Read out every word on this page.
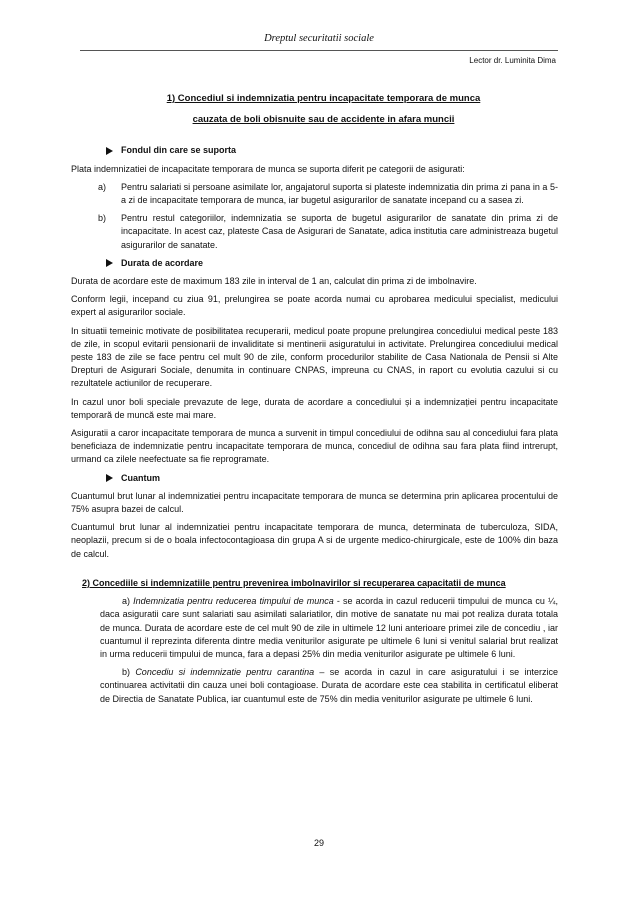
Dreptul securitatii sociale
Lector dr. Luminita Dima
1) Concediul si indemnizatia pentru incapacitate temporara de munca
cauzata de boli obisnuite sau de accidente in afara muncii
Fondul din care se suporta

Plata indemnizatiei de incapacitate temporara de munca se suporta diferit pe categorii de asigurati:

a)	Pentru salariati si persoane asimilate lor, angajatorul suporta si plateste indemnizatia din prima zi pana in a 5-a zi de incapacitate temporara de munca, iar bugetul asigurarilor de sanatate incepand cu a sasea zi.
b)	Pentru restul categoriilor, indemnizatia se suporta de bugetul asigurarilor de sanatate din prima zi de incapacitate. In acest caz, plateste Casa de Asigurari de Sanatate, adica institutia care administreaza bugetul asigurarilor de sanatate.
Durata de acordare

Durata de acordare este de maximum 183 zile in interval de 1 an, calculat din prima zi de imbolnavire.

Conform legii, incepand cu ziua 91, prelungirea se poate acorda numai cu aprobarea medicului specialist, medicului expert al asigurarilor sociale.

In situatii temeinic motivate de posibilitatea recuperarii, medicul poate propune prelungirea concediului medical peste 183 de zile, in scopul evitarii pensionarii de invaliditate si mentinerii asiguratului in activitate. Prelungirea concediului medical peste 183 de zile se face pentru cel mult 90 de zile, conform procedurilor stabilite de Casa Nationala de Pensii si Alte Drepturi de Asigurari Sociale, denumita in continuare CNPAS, impreuna cu CNAS, in raport cu evolutia cazului si cu rezultatele actiunilor de recuperare.

In cazul unor boli speciale prevazute de lege, durata de acordare a concediului și a indemnizației pentru incapacitate temporară de muncă este mai mare.

Asiguratii a caror incapacitate temporara de munca a survenit in timpul concediului de odihna sau al concediului fara plata beneficiaza de indemnizatie pentru incapacitate temporara de munca, concediul de odihna sau fara plata fiind intrerupt, urmand ca zilele neefectuate sa fie reprogramate.

Cuantum

Cuantumul brut lunar al indemnizatiei pentru incapacitate temporara de munca se determina prin aplicarea procentului de 75% asupra bazei de calcul.

Cuantumul brut lunar al indemnizatiei pentru incapacitate temporara de munca, determinata de tuberculoza, SIDA, neoplazii, precum si de o boala infectocontagioasa din grupa A si de urgente medico-chirurgicale, este de 100% din baza de calcul.

2) Concediile si indemnizatiile pentru prevenirea imbolnavirilor si recuperarea capacitatii de munca

a) Indemnizatia pentru reducerea timpului de munca - se acorda in cazul reducerii timpului de munca cu ¼, daca asiguratii care sunt salariati sau asimilati salariatilor, din motive de sanatate nu mai pot realiza durata totala de munca. Durata de acordare este de cel mult 90 de zile in ultimele 12 luni anterioare primei zile de concediu , iar cuantumul il reprezinta diferenta dintre media veniturilor asigurate pe ultimele 6 luni si venitul salarial brut realizat in urma reducerii timpului de munca, fara a depasi 25% din media veniturilor asigurate pe ultimele 6 luni.

b) Concediu si indemnizatie pentru carantina – se acorda in cazul in care asiguratului i se interzice continuarea activitatii din cauza unei boli contagioase. Durata de acordare este cea stabilita in certificatul eliberat de Directia de Sanatate Publica, iar cuantumul este de 75% din media veniturilor asigurate pe ultimele 6 luni.

29
